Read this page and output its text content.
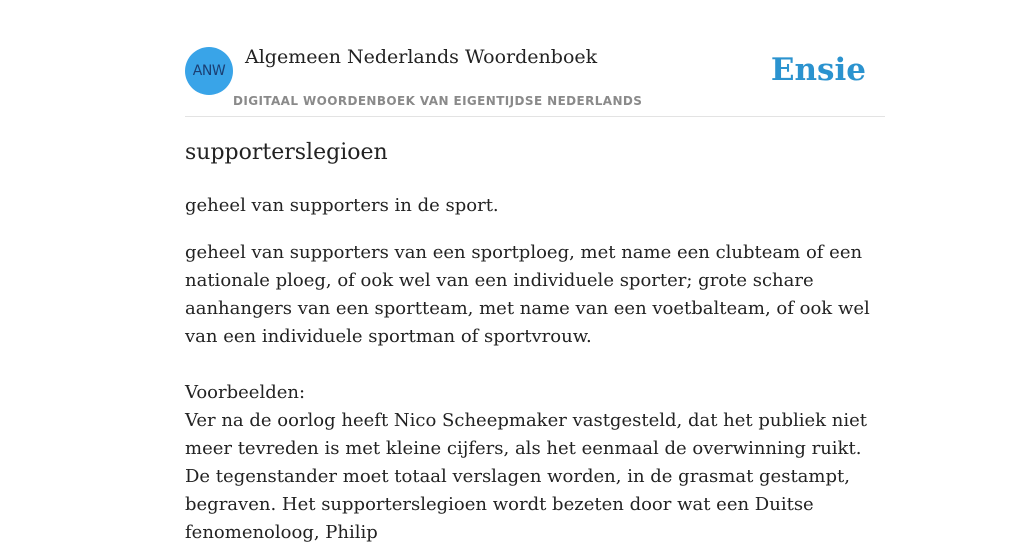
ANW
Algemeen Nederlands Woordenboek
DIGITAAL WOORDENBOEK VAN EIGENTIJDSE NEDERLANDS
Ensie
supporterslegioen

geheel van supporters in de sport.

geheel van supporters van een sportploeg, met name een clubteam of een nationale ploeg, of ook wel van een individuele sporter; grote schare aanhangers van een sportteam, met name van een voetbalteam, of ook wel van een individuele sportman of sportvrouw.

Voorbeelden:

Ver na de oorlog heeft Nico Scheepmaker vastgesteld, dat het publiek niet meer tevreden is met kleine cijfers, als het eenmaal de overwinning ruikt. De tegenstander moet totaal verslagen worden, in de grasmat gestampt, begraven. Het supporterslegioen wordt bezeten door wat een Duitse fenomenoloog, Philip
